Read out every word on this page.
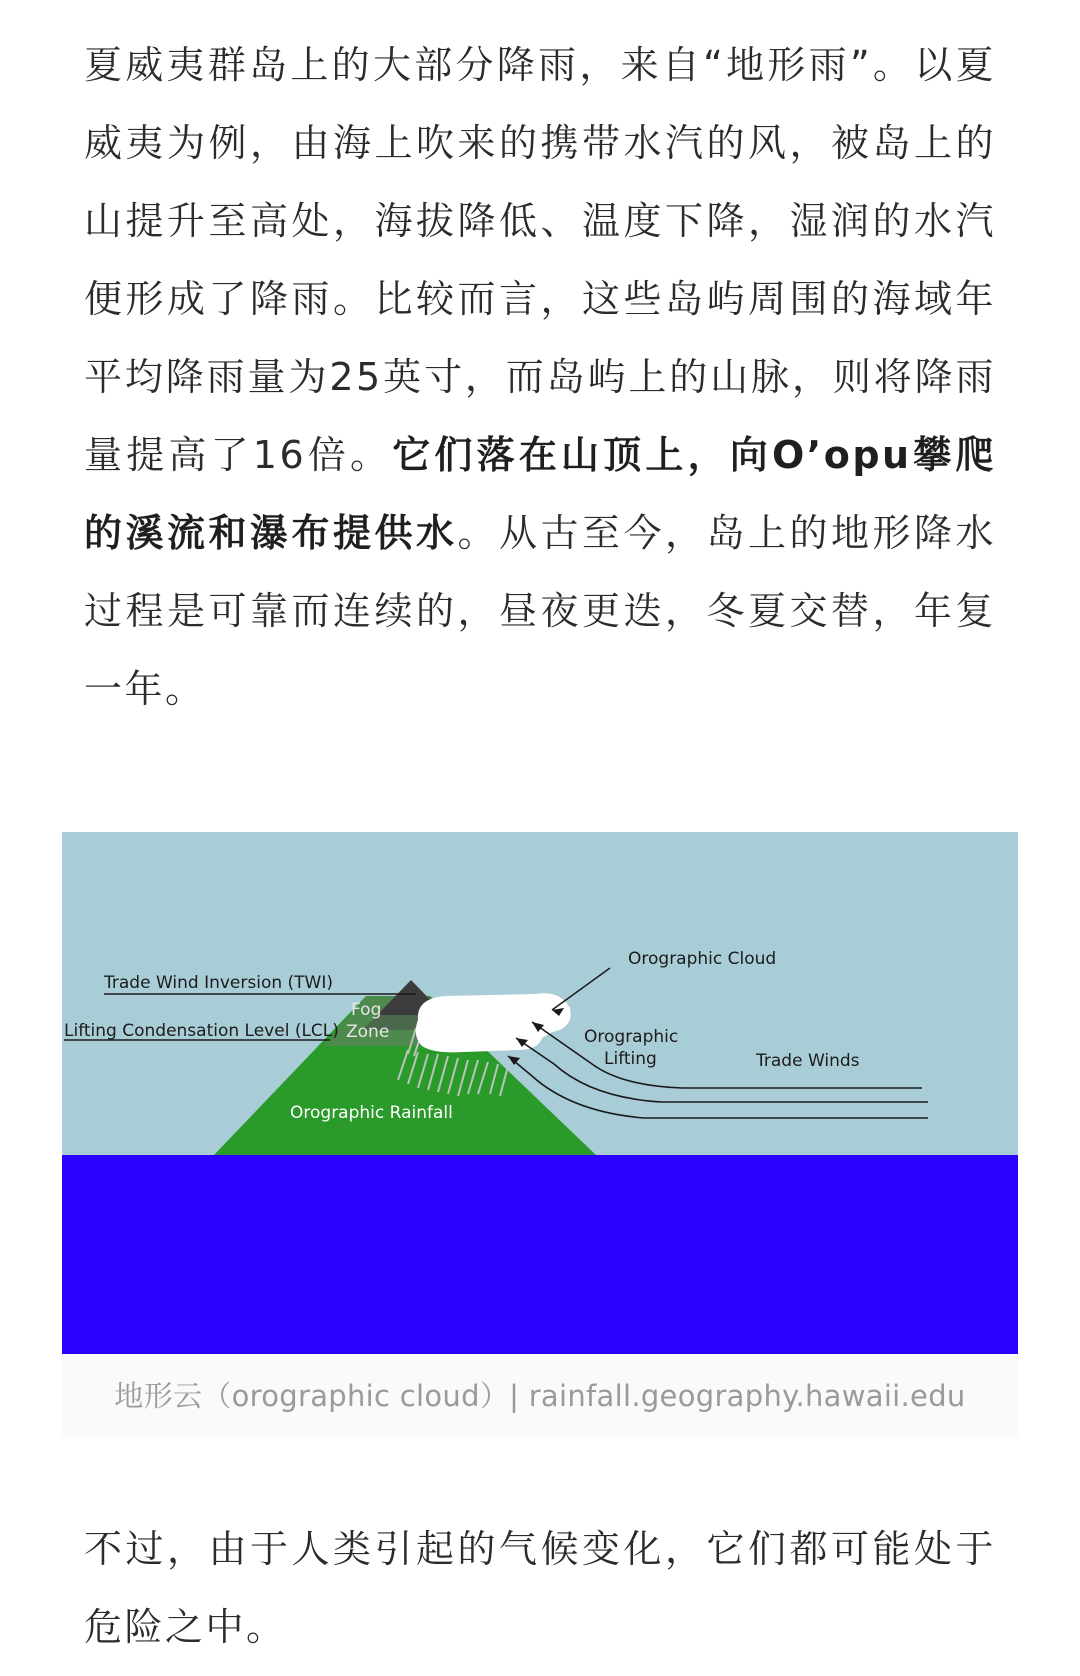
夏威夷群岛上的大部分降雨，来自“地形雨”。以夏威夷为例，由海上吹来的携带水汽的风，被岛上的山提升至高处，海拔降低、温度下降，湿润的水汽便形成了降雨。比较而言，这些岛屿周围的海域年平均降雨量为25英寸，而岛屿上的山脉，则将降雨量提高了16倍。它们落在山顶上，向O’opu攀爬的溪流和瀑布提供水。从古至今，岛上的地形降水过程是可靠而连续的，昼夜更迭，冬夏交替，年复一年。

Trade Wind Inversion (TWI)
Lifting Condensation Level (LCL)
Fog
Zone
Orographic Rainfall
Orographic Cloud
Orographic
Lifting	Trade Winds
地形云（orographic cloud）| rainfall.geography.hawaii.edu

不过，由于人类引起的气候变化，它们都可能处于危险之中。
